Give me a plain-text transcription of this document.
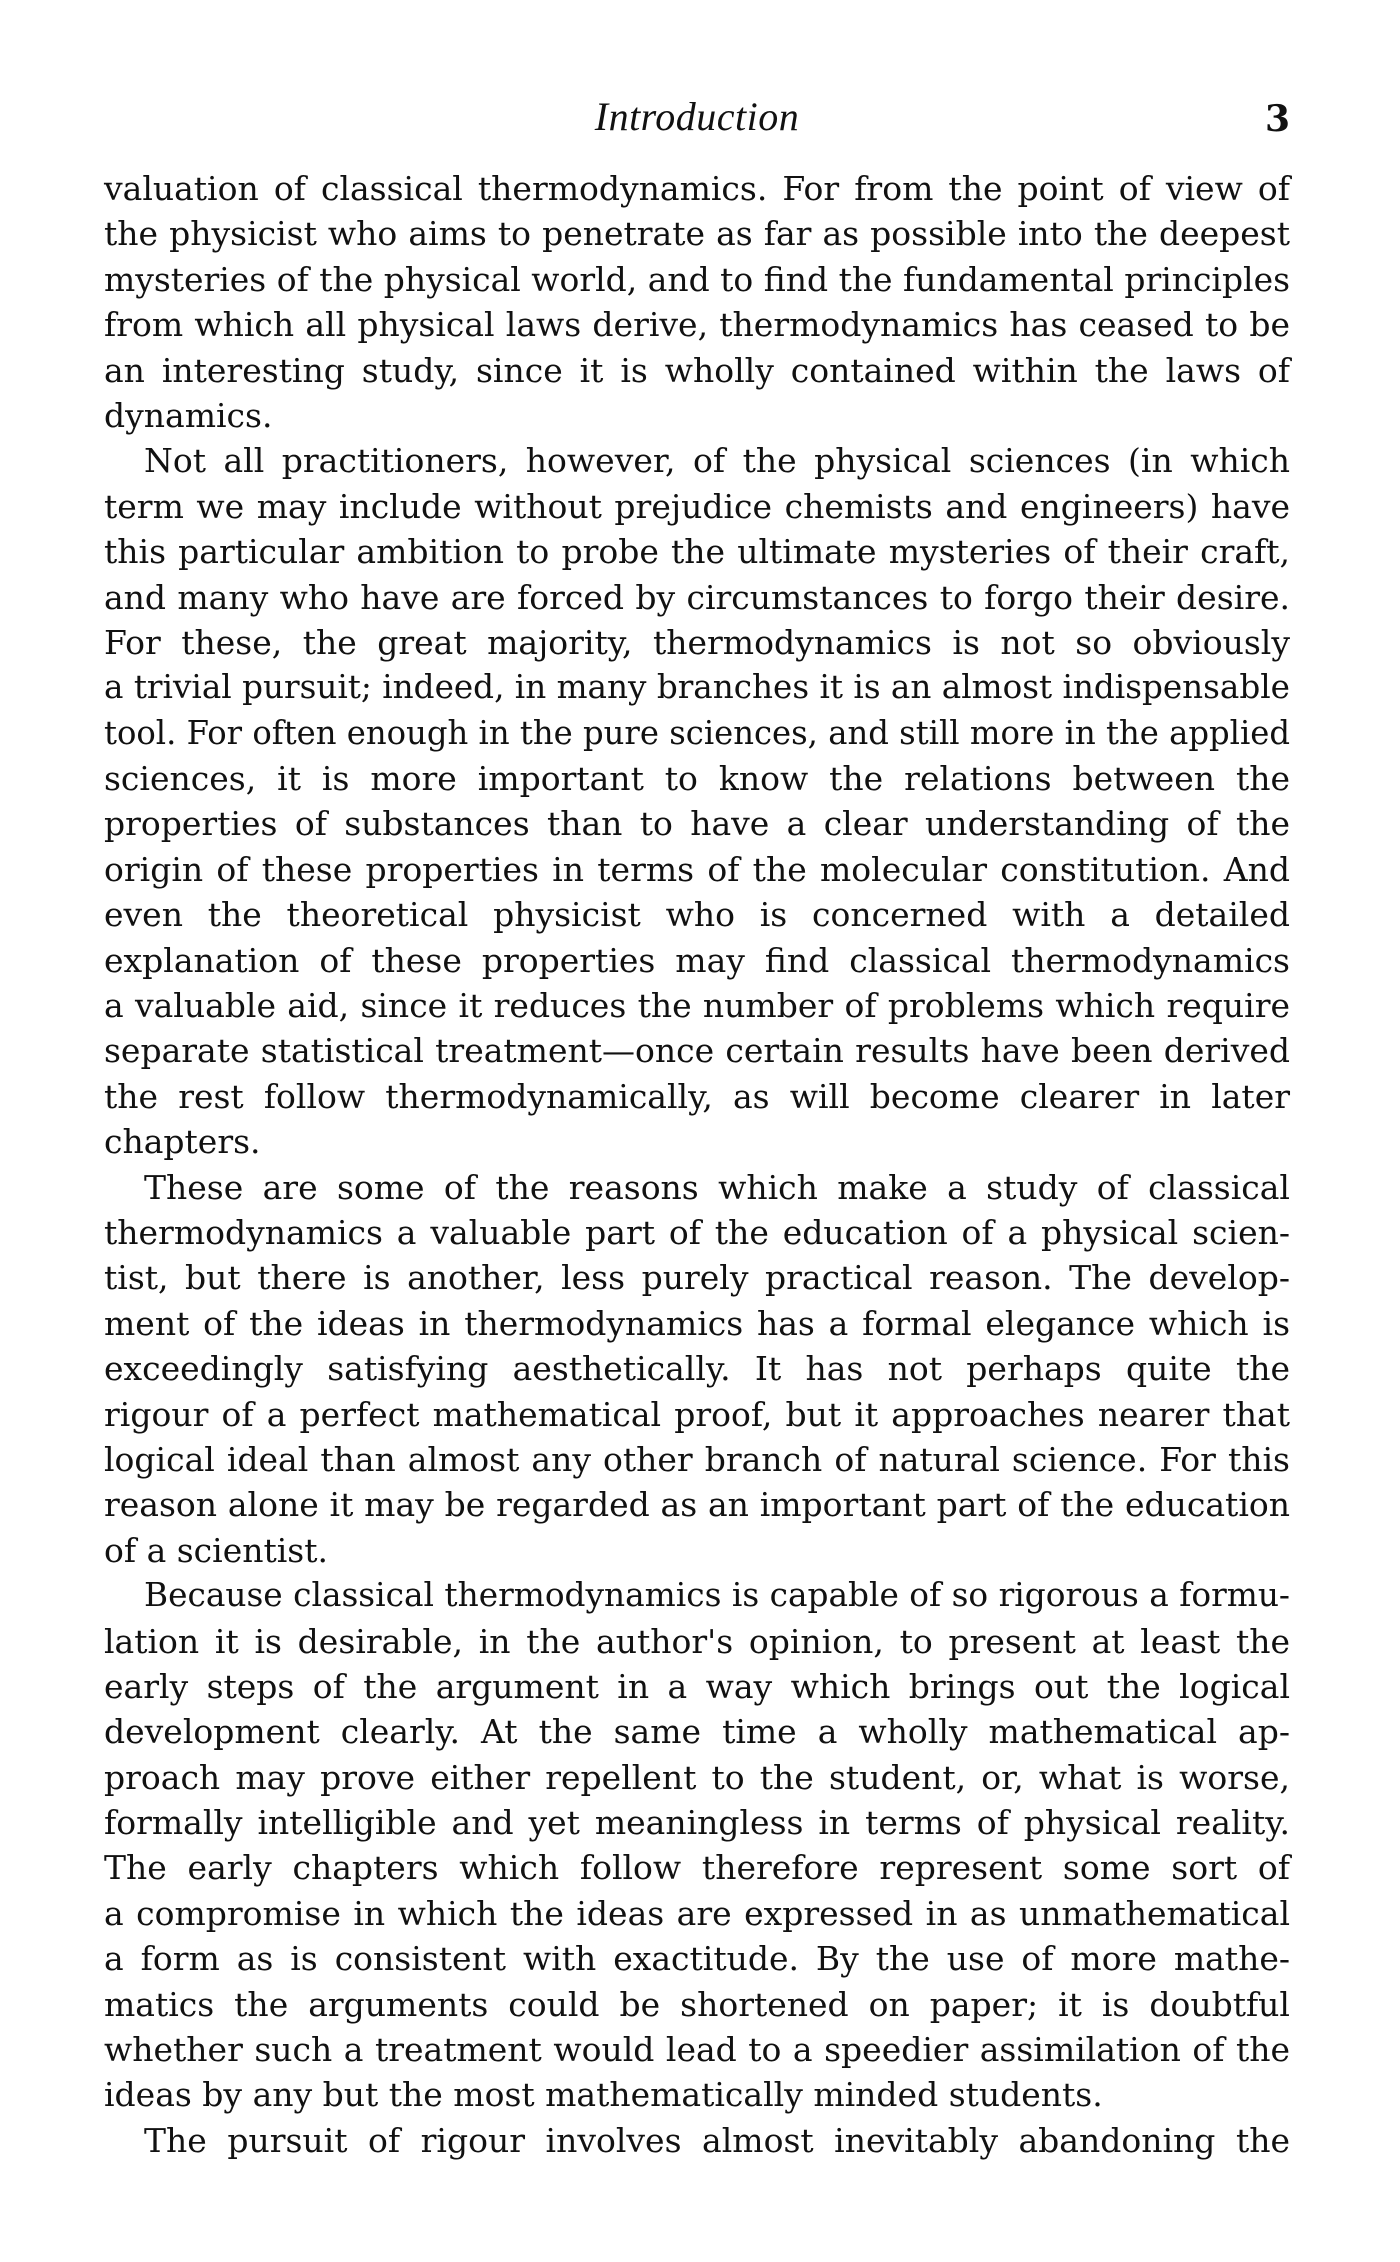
Introduction	3
valuation of classical thermodynamics. For from the point of view of
the physicist who aims to penetrate as far as possible into the deepest
mysteries of the physical world, and to find the fundamental principles
from which all physical laws derive, thermodynamics has ceased to be
an interesting study, since it is wholly contained within the laws of
dynamics.
Not all practitioners, however, of the physical sciences (in which
term we may include without prejudice chemists and engineers) have
this particular ambition to probe the ultimate mysteries of their craft,
and many who have are forced by circumstances to forgo their desire.
For these, the great majority, thermodynamics is not so obviously
a trivial pursuit; indeed, in many branches it is an almost indispensable
tool. For often enough in the pure sciences, and still more in the applied
sciences, it is more important to know the relations between the
properties of substances than to have a clear understanding of the
origin of these properties in terms of the molecular constitution. And
even the theoretical physicist who is concerned with a detailed
explanation of these properties may find classical thermodynamics
a valuable aid, since it reduces the number of problems which require
separate statistical treatment—once certain results have been derived
the rest follow thermodynamically, as will become clearer in later
chapters.
These are some of the reasons which make a study of classical
thermodynamics a valuable part of the education of a physical scien-
tist, but there is another, less purely practical reason. The develop-
ment of the ideas in thermodynamics has a formal elegance which is
exceedingly satisfying aesthetically. It has not perhaps quite the
rigour of a perfect mathematical proof, but it approaches nearer that
logical ideal than almost any other branch of natural science. For this
reason alone it may be regarded as an important part of the education
of a scientist.
Because classical thermodynamics is capable of so rigorous a formu-
lation it is desirable, in the author's opinion, to present at least the
early steps of the argument in a way which brings out the logical
development clearly. At the same time a wholly mathematical ap-
proach may prove either repellent to the student, or, what is worse,
formally intelligible and yet meaningless in terms of physical reality.
The early chapters which follow therefore represent some sort of
a compromise in which the ideas are expressed in as unmathematical
a form as is consistent with exactitude. By the use of more mathe-
matics the arguments could be shortened on paper; it is doubtful
whether such a treatment would lead to a speedier assimilation of the
ideas by any but the most mathematically minded students.
The pursuit of rigour involves almost inevitably abandoning the
